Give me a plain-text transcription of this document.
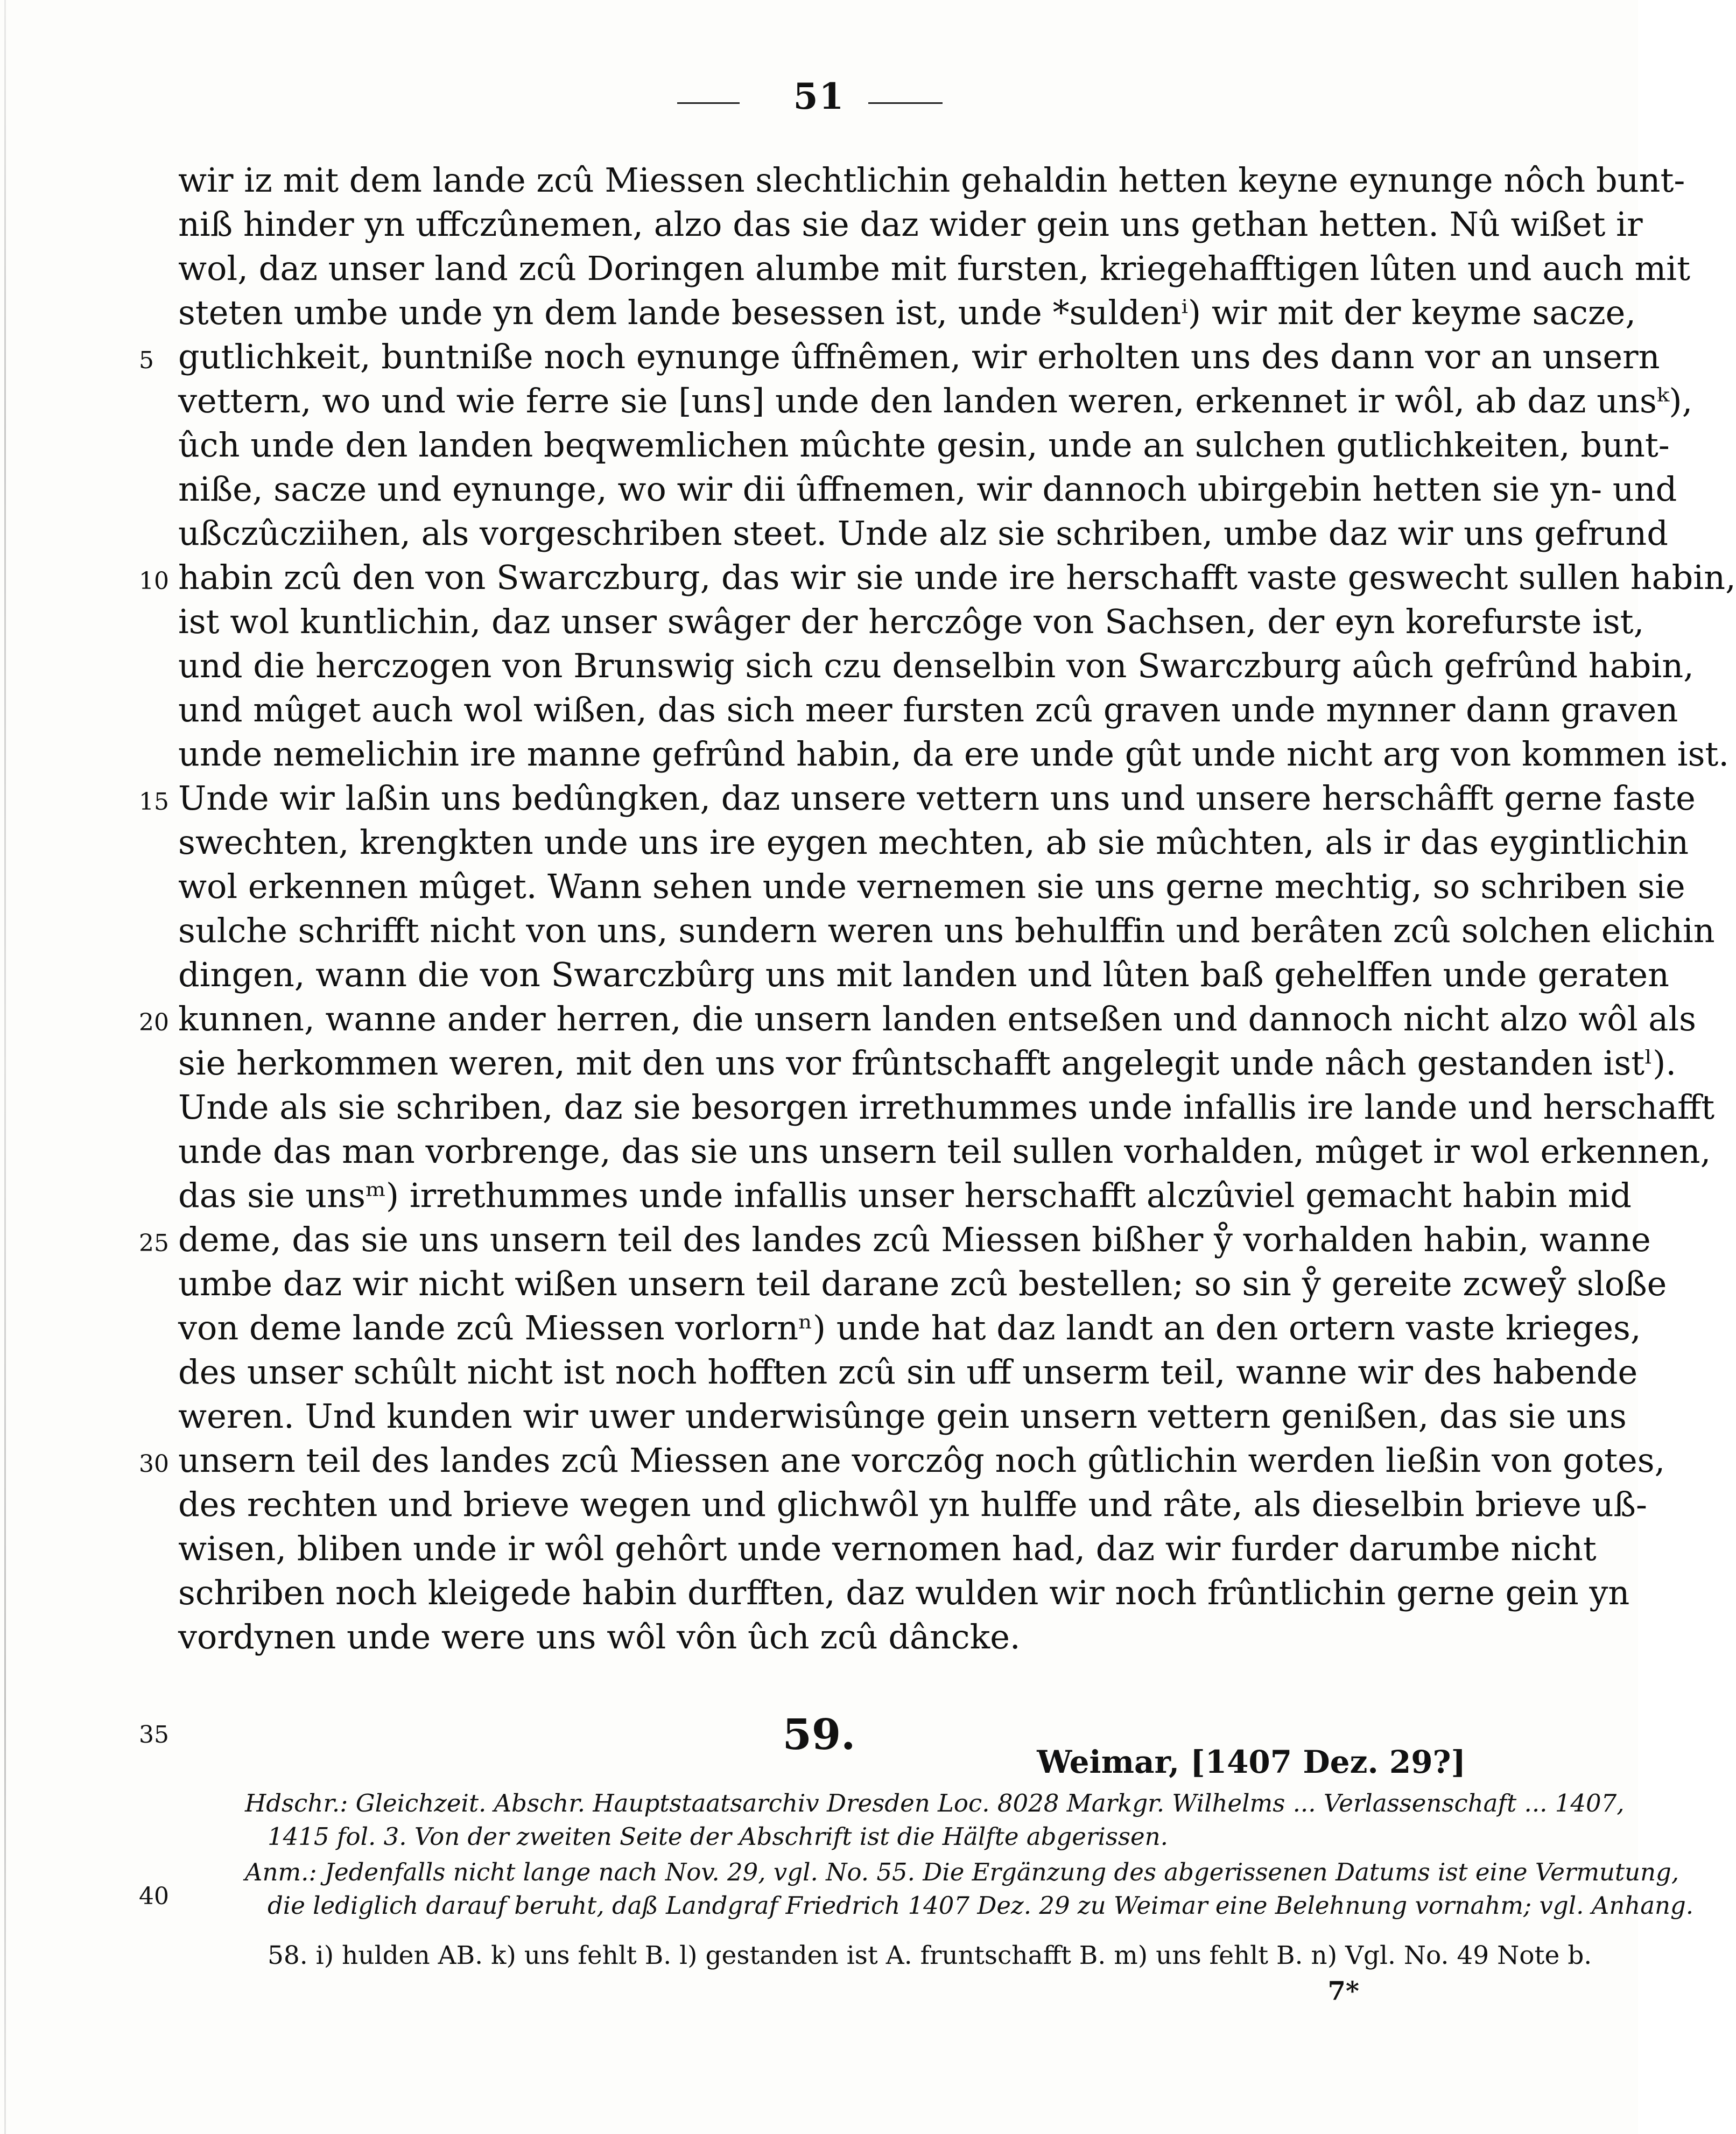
51
wir iz mit dem lande zcû Miessen slechtlichin gehaldin hetten keyne eynunge nôch bunt-
niß hinder yn uffczûnemen, alzo das sie daz wider gein uns gethan hetten. Nû wißet ir
wol, daz unser land zcû Doringen alumbe mit fursten, kriegehafftigen lûten und auch mit
steten umbe unde yn dem lande besessen ist, unde *suldenⁱ) wir mit der keyme sacze,
gutlichkeit, buntniße noch eynunge ûffnêmen, wir erholten uns des dann vor an unsern
vettern, wo und wie ferre sie [uns] unde den landen weren, erkennet ir wôl, ab daz unsᵏ),
ûch unde den landen beqwemlichen mûchte gesin, unde an sulchen gutlichkeiten, bunt-
niße, sacze und eynunge, wo wir dii ûffnemen, wir dannoch ubirgebin hetten sie yn- und
ußczûcziihen, als vorgeschriben steet. Unde alz sie schriben, umbe daz wir uns gefrund
habin zcû den von Swarczburg, das wir sie unde ire herschafft vaste geswecht sullen habin,
ist wol kuntlichin, daz unser swâger der herczôge von Sachsen, der eyn korefurste ist,
und die herczogen von Brunswig sich czu denselbin von Swarczburg aûch gefrûnd habin,
und mûget auch wol wißen, das sich meer fursten zcû graven unde mynner dann graven
unde nemelichin ire manne gefrûnd habin, da ere unde gût unde nicht arg von kommen ist.
Unde wir laßin uns bedûngken, daz unsere vettern uns und unsere herschâfft gerne faste
swechten, krengkten unde uns ire eygen mechten, ab sie mûchten, als ir das eygintlichin
wol erkennen mûget. Wann sehen unde vernemen sie uns gerne mechtig, so schriben sie
sulche schrifft nicht von uns, sundern weren uns behulffin und berâten zcû solchen elichin
dingen, wann die von Swarczbûrg uns mit landen und lûten baß gehelffen unde geraten
kunnen, wanne ander herren, die unsern landen entseßen und dannoch nicht alzo wôl als
sie herkommen weren, mit den uns vor frûntschafft angelegit unde nâch gestanden istˡ).
Unde als sie schriben, daz sie besorgen irrethummes unde infallis ire lande und herschafft
unde das man vorbrenge, das sie uns unsern teil sullen vorhalden, mûget ir wol erkennen,
das sie unsᵐ) irrethummes unde infallis unser herschafft alczûviel gemacht habin mid
deme, das sie uns unsern teil des landes zcû Miessen bißher ẙ vorhalden habin, wanne
umbe daz wir nicht wißen unsern teil darane zcû bestellen; so sin ẙ gereite zcweẙ sloße
von deme lande zcû Miessen vorlornⁿ) unde hat daz landt an den ortern vaste krieges,
des unser schûlt nicht ist noch hofften zcû sin uff unserm teil, wanne wir des habende
weren. Und kunden wir uwer underwisûnge gein unsern vettern genißen, das sie uns
unsern teil des landes zcû Miessen ane vorczôg noch gûtlichin werden ließin von gotes,
des rechten und brieve wegen und glichwôl yn hulffe und râte, als dieselbin brieve uß-
wisen, bliben unde ir wôl gehôrt unde vernomen had, daz wir furder darumbe nicht
schriben noch kleigede habin durfften, daz wulden wir noch frûntlichin gerne gein yn
vordynen unde were uns wôl vôn ûch zcû dâncke.
5
10
15
20
25
30
35
40
59.
Weimar, [1407 Dez. 29?]
Hdschr.: Gleichzeit. Abschr. Hauptstaatsarchiv Dresden Loc. 8028 Markgr. Wilhelms ... Verlassenschaft ... 1407,
1415 fol. 3. Von der zweiten Seite der Abschrift ist die Hälfte abgerissen.
Anm.: Jedenfalls nicht lange nach Nov. 29, vgl. No. 55. Die Ergänzung des abgerissenen Datums ist eine Vermutung,
die lediglich darauf beruht, daß Landgraf Friedrich 1407 Dez. 29 zu Weimar eine Belehnung vornahm; vgl. Anhang.
58. i) hulden AB. k) uns fehlt B. l) gestanden ist A. fruntschafft B. m) uns fehlt B. n) Vgl. No. 49 Note b.
7*
